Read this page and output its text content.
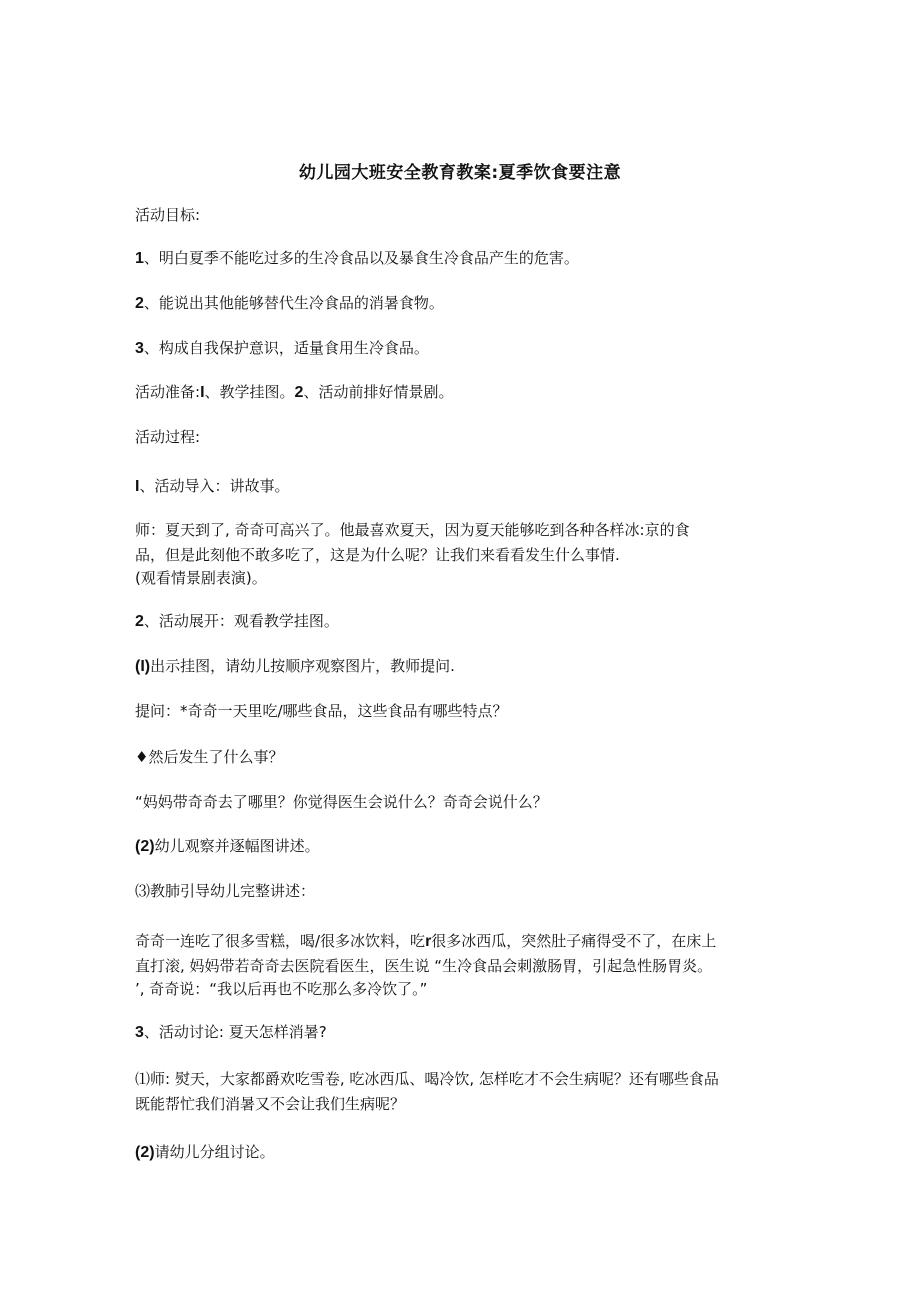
幼儿园大班安全教育教案:夏季饮食要注意
活动目标:
1、明白夏季不能吃过多的生冷食品以及暴食生冷食品产生的危害。
2、能说出其他能够替代生冷食品的消暑食物。
3、构成自我保护意识，适量食用生冷食品。
活动准备:I、教学挂图。2、活动前排好情景剧。
活动过程:
I、活动导入：讲故事。
师：夏天到了, 奇奇可高兴了。他最喜欢夏天，因为夏天能够吃到各种各样冰:京的食
品，但是此刻他不敢多吃了，这是为什么呢？让我们来看看发生什么事情.
(观看情景剧表演)。
2、活动展开：观看教学挂图。
(I)出示挂图，请幼儿按顺序观察图片，教师提问.
提问：*奇奇一天里吃/哪些食品，这些食品有哪些特点？
♦然后发生了什么事？
“妈妈带奇奇去了哪里？你觉得医生会说什么？奇奇会说什么？
(2)幼儿观察并逐幅图讲述。
⑶教肺引导幼儿完整讲述：
奇奇一连吃了很多雪糕，喝/很多冰饮料，吃r很多冰西瓜，突然肚子痛得受不了，在床上
直打滚, 妈妈带若奇奇去医院看医生，医生说 “生冷食品会刺激肠胃，引起急性肠胃炎。
’, 奇奇说：“我以后再也不吃那么多冷饮了。”
3、活动讨论: 夏天怎样消暑?
⑴师: 熨天，大家都爵欢吃雪卷, 吃冰西瓜、喝冷饮, 怎样吃才不会生病呢？还有哪些食品
既能帮忙我们消暑又不会让我们生病呢？
(2)请幼儿分组讨论。
